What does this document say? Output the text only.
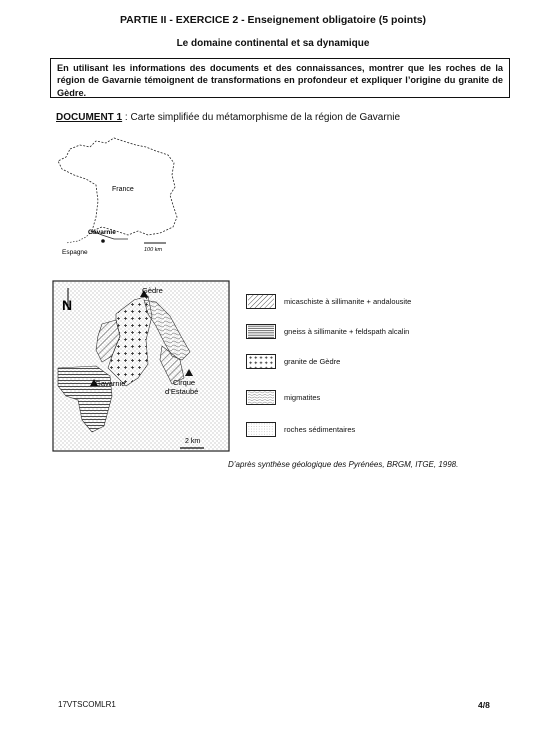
PARTIE II - EXERCICE 2 - Enseignement obligatoire (5 points)
Le domaine continental et sa dynamique
En utilisant les informations des documents et des connaissances, montrer que les roches de la région de Gavarnie témoignent de transformations en profondeur et expliquer l’origine du granite de Gèdre.
DOCUMENT 1 : Carte simplifiée du métamorphisme de la région de Gavarnie
France
Gavarnie
Espagne	100 km
N
Gèdre
Gavarnie	Cirque
d’Estaubé
2 km
micaschiste à sillimanite + andalousite
gneiss à sillimanite + feldspath alcalin
granite de Gèdre
migmatites
roches sédimentaires
D’après synthèse géologique des Pyrénées, BRGM, ITGE, 1998.
17VTSCOMLR1	4/8
